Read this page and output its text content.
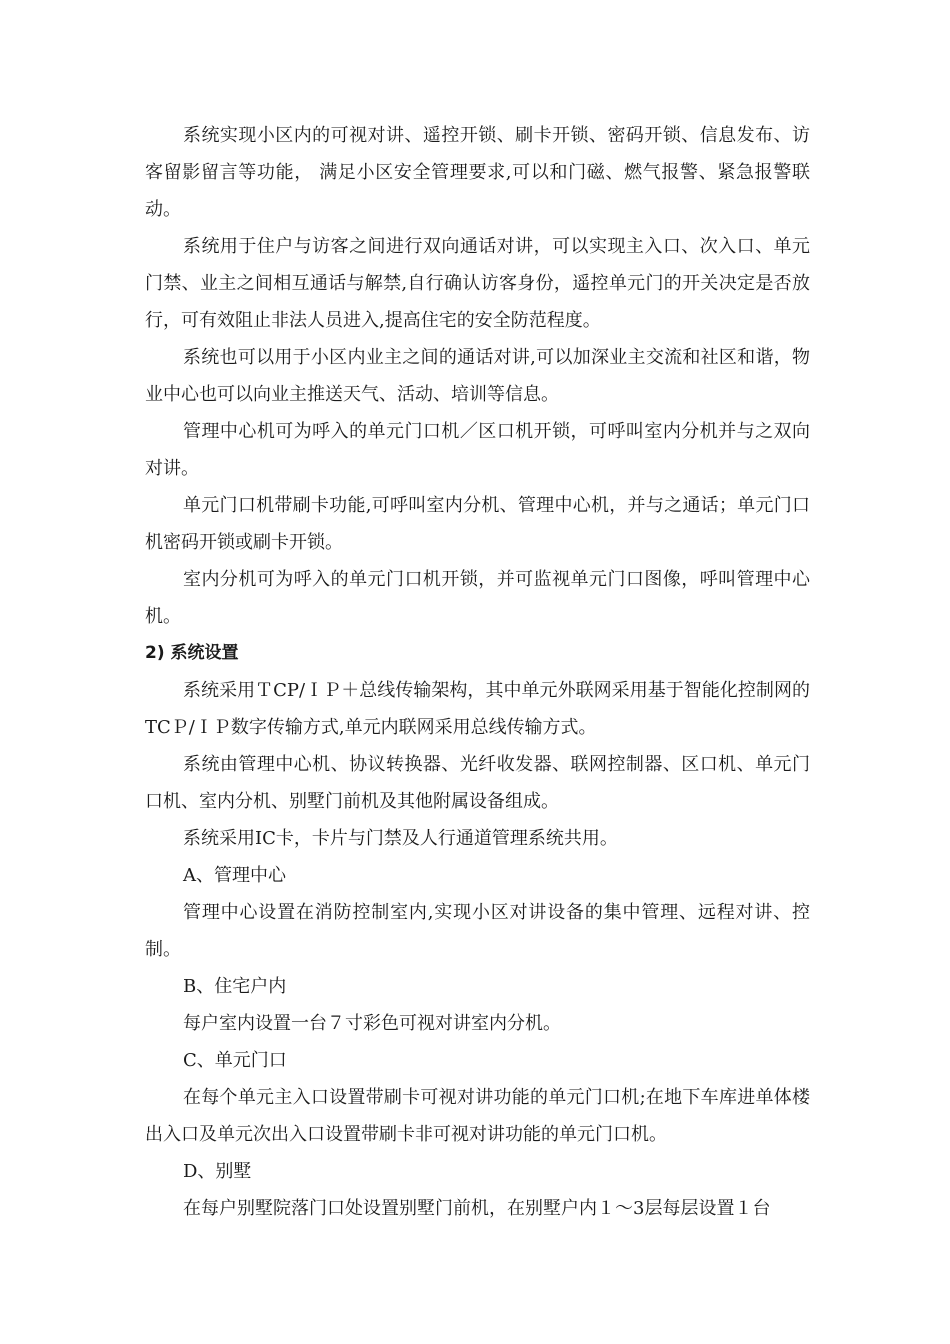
系统实现小区内的可视对讲、遥控开锁、刷卡开锁、密码开锁、信息发布、访客留影留言等功能， 满足小区安全管理要求,可以和门磁、燃气报警、紧急报警联动。

系统用于住户与访客之间进行双向通话对讲，可以实现主入口、次入口、单元门禁、业主之间相互通话与解禁,自行确认访客身份，遥控单元门的开关决定是否放行，可有效阻止非法人员进入,提高住宅的安全防范程度。

系统也可以用于小区内业主之间的通话对讲,可以加深业主交流和社区和谐，物业中心也可以向业主推送天气、活动、培训等信息。

管理中心机可为呼入的单元门口机／区口机开锁，可呼叫室内分机并与之双向对讲。

单元门口机带刷卡功能,可呼叫室内分机、管理中心机，并与之通话；单元门口机密码开锁或刷卡开锁。

室内分机可为呼入的单元门口机开锁，并可监视单元门口图像，呼叫管理中心机。

2) 系统设置

系统采用ＴCP/ＩＰ＋总线传输架构，其中单元外联网采用基于智能化控制网的TCＰ/ＩＰ数字传输方式,单元内联网采用总线传输方式。

系统由管理中心机、协议转换器、光纤收发器、联网控制器、区口机、单元门口机、室内分机、别墅门前机及其他附属设备组成。

系统采用IC卡，卡片与门禁及人行通道管理系统共用。

A、管理中心

管理中心设置在消防控制室内,实现小区对讲设备的集中管理、远程对讲、控制。

B、住宅户内

每户室内设置一台７寸彩色可视对讲室内分机。

C、单元门口

在每个单元主入口设置带刷卡可视对讲功能的单元门口机;在地下车库进单体楼出入口及单元次出入口设置带刷卡非可视对讲功能的单元门口机。

D、别墅

在每户别墅院落门口处设置别墅门前机，在别墅户内１～3层每层设置１台
